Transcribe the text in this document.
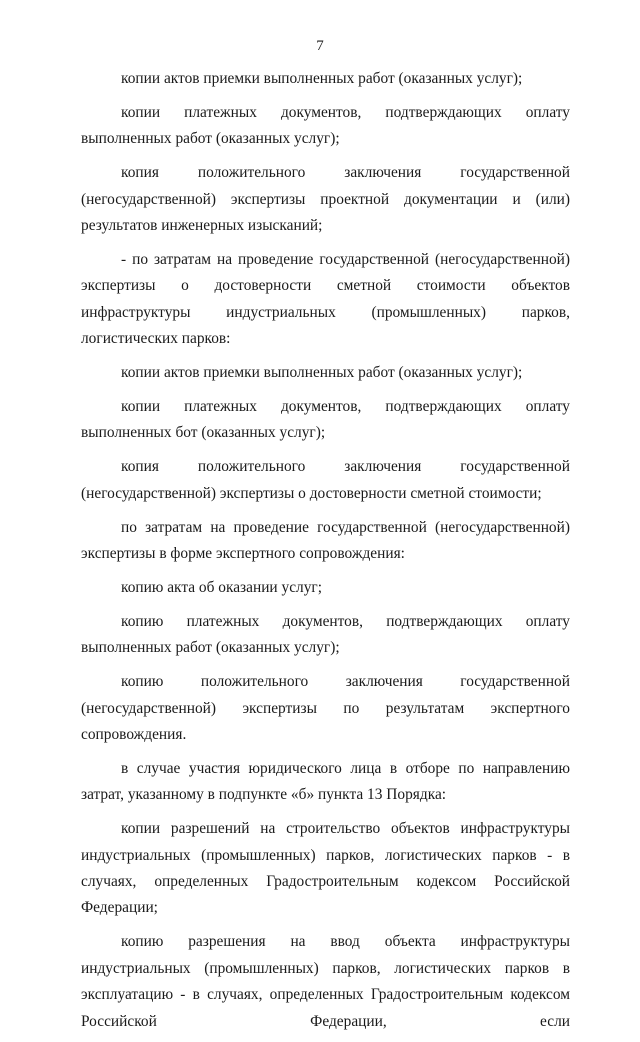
7

копии актов приемки выполненных работ (оказанных услуг);

копии платежных документов, подтверждающих оплату выполненных работ (оказанных услуг);

копия положительного заключения государственной (негосударственной) экспертизы проектной документации и (или) результатов инженерных изысканий;

- по затратам на проведение государственной (негосударственной) экспертизы о достоверности сметной стоимости объектов инфраструктуры индустриальных (промышленных) парков, логистических парков:

копии актов приемки выполненных работ (оказанных услуг);

копии платежных документов, подтверждающих оплату выполненных бот (оказанных услуг);

копия положительного заключения государственной (негосударственной) экспертизы о достоверности сметной стоимости;

по затратам на проведение государственной (негосударственной) экспертизы в форме экспертного сопровождения:

копию акта об оказании услуг;

копию платежных документов, подтверждающих оплату выполненных работ (оказанных услуг);

копию положительного заключения государственной (негосударственной) экспертизы по результатам экспертного сопровождения.

в случае участия юридического лица в отборе по направлению затрат, указанному в подпункте «б» пункта 13 Порядка:

копии разрешений на строительство объектов инфраструктуры индустриальных (промышленных) парков, логистических парков - в случаях, определенных Градостроительным кодексом Российской Федерации;

копию разрешения на ввод объекта инфраструктуры индустриальных (промышленных) парков, логистических парков в эксплуатацию - в случаях, определенных Градостроительным кодексом Российской Федерации, если
